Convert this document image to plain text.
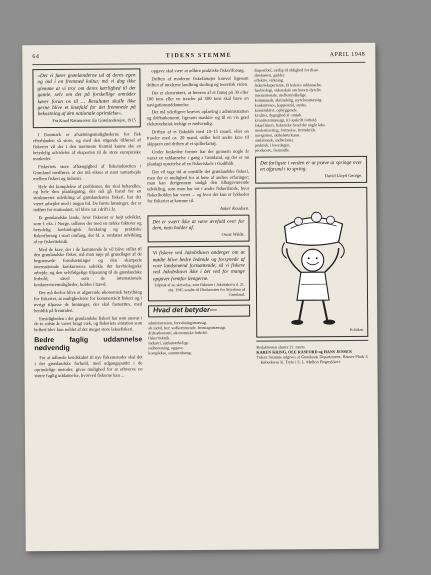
64	TIDENS STEMME	APRIL 1948
»Det vi fører grønlænderne ud af deres egen og ind i en fremmed kultur, må vi dog ikke glemme at vi tror om deres kærlighed til det gamle, selv om det på forskellige områder kører foran os til ... Resultatet skulle ikke gerne blive et knæfald for det fremmede på bekostning af den nationale oprindelse«.
Fra Knud Rasmussen: En Grønlandsrejse, 1915

I Danmark er afsætningsmulighederne for fisk efterhånden så store, og med den stigende tilførsel af fiskeriet vil der i den nærmeste fremtid kunne ske en betydelig udvidelse af eksporten til de store europæiske markeder.

Fiskeriets store afhængighed af fiskeindustrien i Grønland medfører, at der må sikres et nært samarbejde mellem fiskeri og industri.

Hele det komplekse af problemer, der skal behandles, og hele den planlægning, der må gå forud for en struktureret udvikling af grønlandernes fiskeri, har det været arbejdet med i nogen tid. De første lønninger, der er indført for stationåret, vil blive sat i drift i år.

Et grønlandske lande, hvor fiskeriet er højt udviklet, som f. eks. i Norge, udføres der med en række faktorer og betydelig havbiologisk forskning og praktiske fiskeriforsøg i stort omfang, der bl. a. omfatter udvikling af ny fiskeriteknik.

Med de krav, der i de kommende år vil blive stillet til den grønlandske fisker, må man nøje på grundlaget af de begrænsede forudsætninger og den skærpede internationale konkurrence udvikle det havbiologiske arbejde, og den selvfølgelige tilpasning til de grønlandske forhold, såvel som de internationale konkurrencemuligheder, holdes i hævd.

Det må derfor blive et afgørende økonomisk betydning for fiskeriet, at mulighederne for kommercielt fiskeri og i øvrigt tilpasse de lønninger, der skal fastsættes, med henblik på fremtiden.

Ensidigheden i det grønlandske fiskeri har som ansvar i de to sidste år været bragt væk, og fiskeriets situation som helhed blev kun reddet af det meget store laksefiskeri.

Bedre faglig uddannelse nødvendig

For at udbrede kendskabet til nye fiskemetoder skal det i det grønlandske forhold, med udgangspunkt i de oprindelige metoder, gives mulighed for at erhverve en større faglig uddannelse, hvorved fiskerne kan ...

opgave skal være at udføre praktiske fiskeriforsøg.

Driften af moderne fiskefartøjer kræver ligesom driften af moderne landbrug skoling og teoretisk viden.

Det er elementært, at føreren af et fartøj på 30 eller 100 tons eller en trawler på 500 tons skal have en navigationsuddannelse.

Det må yderligere kræves oplæring i administration og driftsøkonomi, ligesom maskin- og til en vis grad elektroteknisk indsigt er nødvendig.

Driften af et fiskekib med 10–15 mand, eller en trawler med ca. 20 mand, stiller helt andre krav til skippern end driften af et spillerfartøj.

Under beskedne former har der gennem nogle år været en uddannelse i gang i Grønland, og der er nu planlagt oprettelse af en fiskeriskole i Godthåb.

Det vil tage tid at omstille det grønlandske fiskeri, men der er mulighed for at køre af andres erfaringer; man kan derigennem undgå den tilbageværende udvikling, som man har set i andre fiskerilande, hvor fiskeriboblen har været ... og hvor det kun er lykkedes for fiskeriet at komme til.

Anker Knudsen.
Det er svært ikke at være ærefuld over for dem, man holder af.
Oscar Wilde.
Vi fiskere ved Jakobshavn anderger om at mødte blive bedre ledende og forsynede af vore landsmænd fortsættende, så vi fiskere ved Jakobshavn ikke i ået ved for mange opgaver fremfor længerne.
Udpluk af en skrivelse, som fiskerne i Jakobshavn d. 21. okt. 1945 sendte til Direktoratet for Styrelsen af Grønland.
Hvad det betyder—

administration, forvaltningsmæssig.

alt indtil, her: vedkommende, fremtagsmæssigt.

driftsøkonomi, økonomiske forhold.

fiskeriteknik.

industri, sjælsmærkelige.

indberetning, opgave.

komplekse, sammenhæng.

disponibel, særlig til rådighed for disse.

direktøren, gælder.

effektiv, virkning.

fiskerieksperterne, få lederes uddannelse.

havbiologi, videnskab om havets dyreliv.

internationale, mellemfolkelige.

kommunalt, almindelig, styrelsesmæssig.

konkurrence, kappestrid, styrke.

konstruktivt, opbyggende.

kvalitet, dygtighed af omløb.

kvantitetsmæssigt, til opskrift forhold.

laksefiskeri, fiskeriske hvad der angår laks.

modernisering, fornyelse, fremskridt.

navigation, skibsførerkunst.

omfattende, indbefattet.

praktisk, i hverdagen.

producere, fremstille.

Det farligste i verden er at prøve at springe over en afgrund i to spring.
David Lloyd George.
Politiken.

Redaktionen slutter 21. marts.

KAREN KRING, OLE RASFORD og HANS JENSEN

Tidens Stemme udgives af Grønlands Departement, Hauser Plads 3, København K. Trykt i S. L. Møllers Bogtrykkeri.
